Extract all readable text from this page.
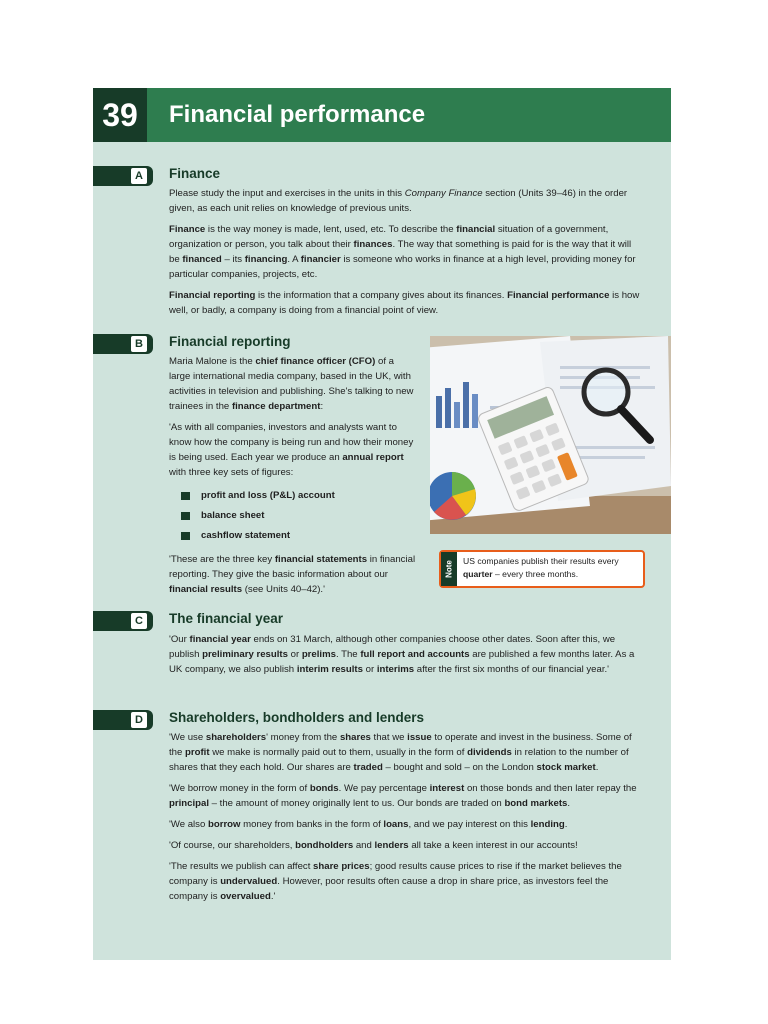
39	Financial performance
A Finance

Please study the input and exercises in the units in this Company Finance section (Units 39–46) in the order given, as each unit relies on knowledge of previous units.

Finance is the way money is made, lent, used, etc. To describe the financial situation of a government, organization or person, you talk about their finances. The way that something is paid for is the way that it will be financed – its financing. A financier is someone who works in finance at a high level, providing money for particular companies, projects, etc.

Financial reporting is the information that a company gives about its finances. Financial performance is how well, or badly, a company is doing from a financial point of view.

B Financial reporting

Maria Malone is the chief finance officer (CFO) of a large international media company, based in the UK, with activities in television and publishing. She's talking to new trainees in the finance department:

'As with all companies, investors and analysts want to know how the company is being run and how their money is being used. Each year we produce an annual report with three key sets of figures:

profit and loss (P&L) account
balance sheet
cashflow statement

'These are the three key financial statements in financial reporting. They give the basic information about our financial results (see Units 40–42).'

Note US companies publish their results every quarter – every three months.
C The financial year

'Our financial year ends on 31 March, although other companies choose other dates. Soon after this, we publish preliminary results or prelims. The full report and accounts are published a few months later. As a UK company, we also publish interim results or interims after the first six months of our financial year.'

D Shareholders, bondholders and lenders

'We use shareholders' money from the shares that we issue to operate and invest in the business. Some of the profit we make is normally paid out to them, usually in the form of dividends in relation to the number of shares that they each hold. Our shares are traded – bought and sold – on the London stock market.

'We borrow money in the form of bonds. We pay percentage interest on those bonds and then later repay the principal – the amount of money originally lent to us. Our bonds are traded on bond markets.

'We also borrow money from banks in the form of loans, and we pay interest on this lending.

'Of course, our shareholders, bondholders and lenders all take a keen interest in our accounts!

'The results we publish can affect share prices; good results cause prices to rise if the market believes the company is undervalued. However, poor results often cause a drop in share price, as investors feel the company is overvalued.'
